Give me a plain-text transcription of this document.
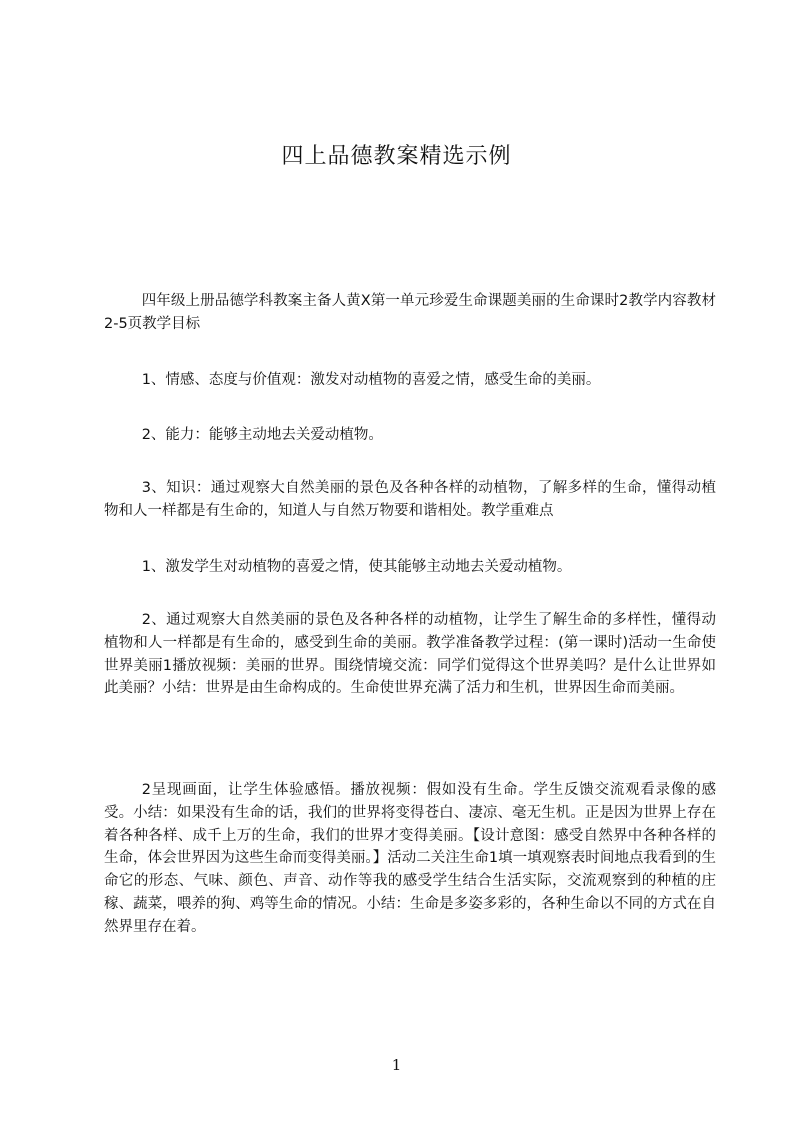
四上品德教案精选示例

四年级上册品德学科教案主备人黄X第一单元珍爱生命课题美丽的生命课时2教学内容教材2-5页教学目标

1、情感、态度与价值观：激发对动植物的喜爱之情，感受生命的美丽。

2、能力：能够主动地去关爱动植物。

3、知识：通过观察大自然美丽的景色及各种各样的动植物，了解多样的生命，懂得动植物和人一样都是有生命的，知道人与自然万物要和谐相处。教学重难点

1、激发学生对动植物的喜爱之情，使其能够主动地去关爱动植物。

2、通过观察大自然美丽的景色及各种各样的动植物，让学生了解生命的多样性，懂得动植物和人一样都是有生命的，感受到生命的美丽。教学准备教学过程：(第一课时)活动一生命使世界美丽1播放视频：美丽的世界。围绕情境交流：同学们觉得这个世界美吗？是什么让世界如此美丽？小结：世界是由生命构成的。生命使世界充满了活力和生机，世界因生命而美丽。

2呈现画面，让学生体验感悟。播放视频：假如没有生命。学生反馈交流观看录像的感受。小结：如果没有生命的话，我们的世界将变得苍白、凄凉、毫无生机。正是因为世界上存在着各种各样、成千上万的生命，我们的世界才变得美丽。【设计意图：感受自然界中各种各样的生命，体会世界因为这些生命而变得美丽。】活动二关注生命1填一填观察表时间地点我看到的生命它的形态、气味、颜色、声音、动作等我的感受学生结合生活实际，交流观察到的种植的庄稼、蔬菜，喂养的狗、鸡等生命的情况。小结：生命是多姿多彩的，各种生命以不同的方式在自然界里存在着。

1
